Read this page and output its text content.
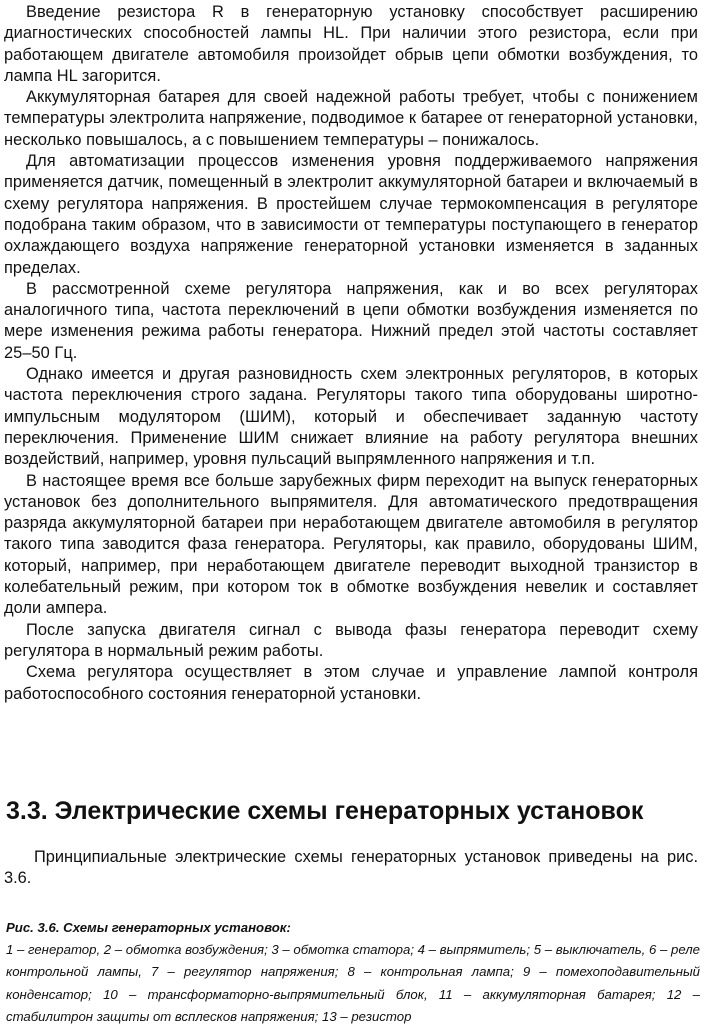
Введение резистора R в генераторную установку способствует расширению диагностических способностей лампы HL. При наличии этого резистора, если при работающем двигателе автомобиля произойдет обрыв цепи обмотки возбуждения, то лампа HL загорится.

Аккумуляторная батарея для своей надежной работы требует, чтобы с понижением температуры электролита напряжение, подводимое к батарее от генераторной установки, несколько повышалось, а с повышением температуры – понижалось.

Для автоматизации процессов изменения уровня поддерживаемого напряжения применяется датчик, помещенный в электролит аккумуляторной батареи и включаемый в схему регулятора напряжения. В простейшем случае термокомпенсация в регуляторе подобрана таким образом, что в зависимости от температуры поступающего в генератор охлаждающего воздуха напряжение генераторной установки изменяется в заданных пределах.

В рассмотренной схеме регулятора напряжения, как и во всех регуляторах аналогичного типа, частота переключений в цепи обмотки возбуждения изменяется по мере изменения режима работы генератора. Нижний предел этой частоты составляет 25–50 Гц.

Однако имеется и другая разновидность схем электронных регуляторов, в которых частота переключения строго задана. Регуляторы такого типа оборудованы широтно-импульсным модулятором (ШИМ), который и обеспечивает заданную частоту переключения. Применение ШИМ снижает влияние на работу регулятора внешних воздействий, например, уровня пульсаций выпрямленного напряжения и т.п.

В настоящее время все больше зарубежных фирм переходит на выпуск генераторных установок без дополнительного выпрямителя. Для автоматического предотвращения разряда аккумуляторной батареи при неработающем двигателе автомобиля в регулятор такого типа заводится фаза генератора. Регуляторы, как правило, оборудованы ШИМ, который, например, при неработающем двигателе переводит выходной транзистор в колебательный режим, при котором ток в обмотке возбуждения невелик и составляет доли ампера.

После запуска двигателя сигнал с вывода фазы генератора переводит схему регулятора в нормальный режим работы.

Схема регулятора осуществляет в этом случае и управление лампой контроля работоспособного состояния генераторной установки.

3.3. Электрические схемы генераторных установок

Принципиальные электрические схемы генераторных установок приведены на рис. 3.6.

Рис. 3.6. Схемы генераторных установок:
1 – генератор, 2 – обмотка возбуждения; 3 – обмотка статора; 4 – выпрямитель; 5 – выключатель, 6 – реле контрольной лампы, 7 – регулятор напряжения; 8 – контрольная лампа; 9 – помехоподавительный конденсатор; 10 – трансформаторно-выпрямительный блок, 11 – аккумуляторная батарея; 12 – стабилитрон защиты от всплесков напряжения; 13 – резистор
